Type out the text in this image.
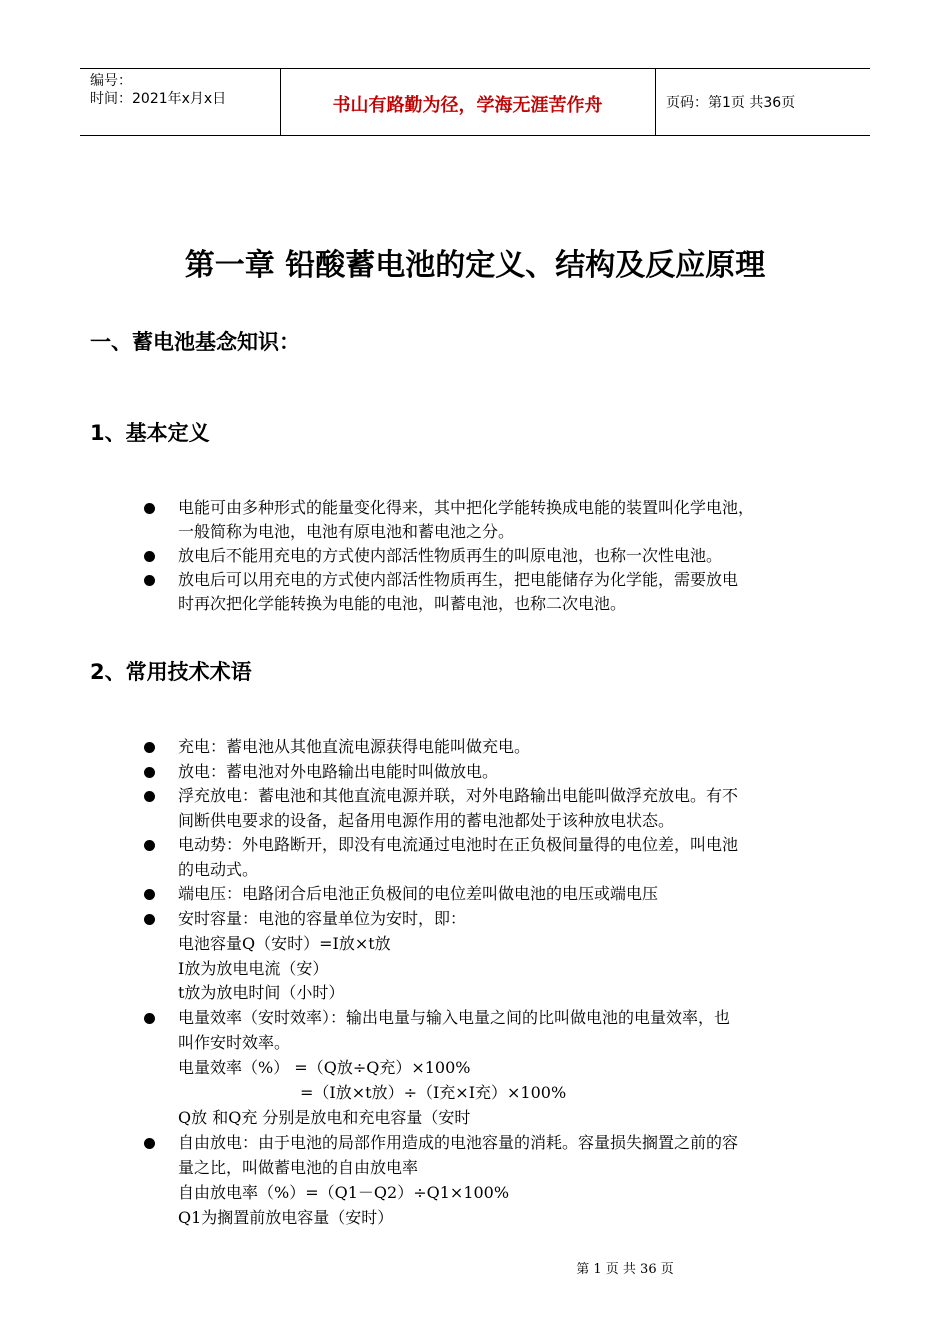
编号：
时间：2021年x月x日	书山有路勤为径，学海无涯苦作舟	页码：第1页 共36页
第一章 铅酸蓄电池的定义、结构及反应原理
一、蓄电池基念知识：
1、基本定义
电能可由多种形式的能量变化得来，其中把化学能转换成电能的装置叫化学电池，
一般简称为电池，电池有原电池和蓄电池之分。
放电后不能用充电的方式使内部活性物质再生的叫原电池，也称一次性电池。
放电后可以用充电的方式使内部活性物质再生，把电能储存为化学能，需要放电
时再次把化学能转换为电能的电池，叫蓄电池，也称二次电池。
2、常用技术术语
充电：蓄电池从其他直流电源获得电能叫做充电。
放电：蓄电池对外电路输出电能时叫做放电。
浮充放电：蓄电池和其他直流电源并联，对外电路输出电能叫做浮充放电。有不
间断供电要求的设备，起备用电源作用的蓄电池都处于该种放电状态。
电动势：外电路断开，即没有电流通过电池时在正负极间量得的电位差，叫电池
的电动式。
端电压：电路闭合后电池正负极间的电位差叫做电池的电压或端电压
安时容量：电池的容量单位为安时，即：
电池容量Q（安时）=I放×t放
I放为放电电流（安）
t放为放电时间（小时）
电量效率（安时效率）：输出电量与输入电量之间的比叫做电池的电量效率，也
叫作安时效率。
电量效率（%） =（Q放÷Q充）×100%
=（I放×t放）÷（I充×I充）×100%
Q放 和Q充 分别是放电和充电容量（安时
自由放电：由于电池的局部作用造成的电池容量的消耗。容量损失搁置之前的容
量之比，叫做蓄电池的自由放电率
自由放电率（%）=（Q1－Q2）÷Q1×100%
Q1为搁置前放电容量（安时）
第 1 页 共 36 页
